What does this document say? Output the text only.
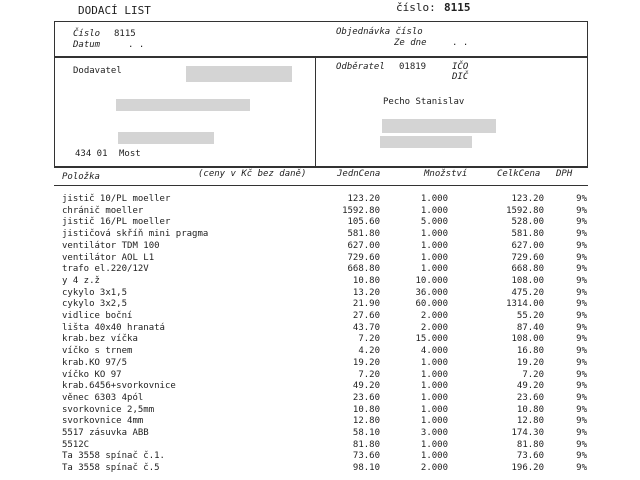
DODACÍ LIST	číslo: 8115
Číslo 8115
Datum	. .
Objednávka číslo
Ze dne	. .
Dodavatel
434 01 Most
Odběratel 01819	IČO
DIČ
Pecho Stanislav
Položka	(ceny v Kč bez daně)	JednCena	Množství	CelkCena DPH
jistič 10/PL moeller	123.20	1.000	123.20	9%
chránič moeller	1592.80	1.000	1592.80	9%
jistič 16/PL moeller	105.60	5.000	528.00	9%
jističová skříň mini pragma	581.80	1.000	581.80	9%
ventilátor TDM 100	627.00	1.000	627.00	9%
ventilátor AOL L1	729.60	1.000	729.60	9%
trafo el.220/12V	668.80	1.000	668.80	9%
y 4 z.ž	10.80	10.000	108.00	9%
cykylo 3x1,5	13.20	36.000	475.20	9%
cykylo 3x2,5	21.90	60.000	1314.00	9%
vidlice boční	27.60	2.000	55.20	9%
lišta 40x40 hranatá	43.70	2.000	87.40	9%
krab.bez víčka	7.20	15.000	108.00	9%
víčko s trnem	4.20	4.000	16.80	9%
krab.KO 97/5	19.20	1.000	19.20	9%
víčko KO 97	7.20	1.000	7.20	9%
krab.6456+svorkovnice	49.20	1.000	49.20	9%
věnec 6303 4pól	23.60	1.000	23.60	9%
svorkovnice 2,5mm	10.80	1.000	10.80	9%
svorkovnice 4mm	12.80	1.000	12.80	9%
5517 zásuvka ABB	58.10	3.000	174.30	9%
5512C	81.80	1.000	81.80	9%
Ta 3558 spínač č.1.	73.60	1.000	73.60	9%
Ta 3558 spínač č.5	98.10	2.000	196.20	9%
